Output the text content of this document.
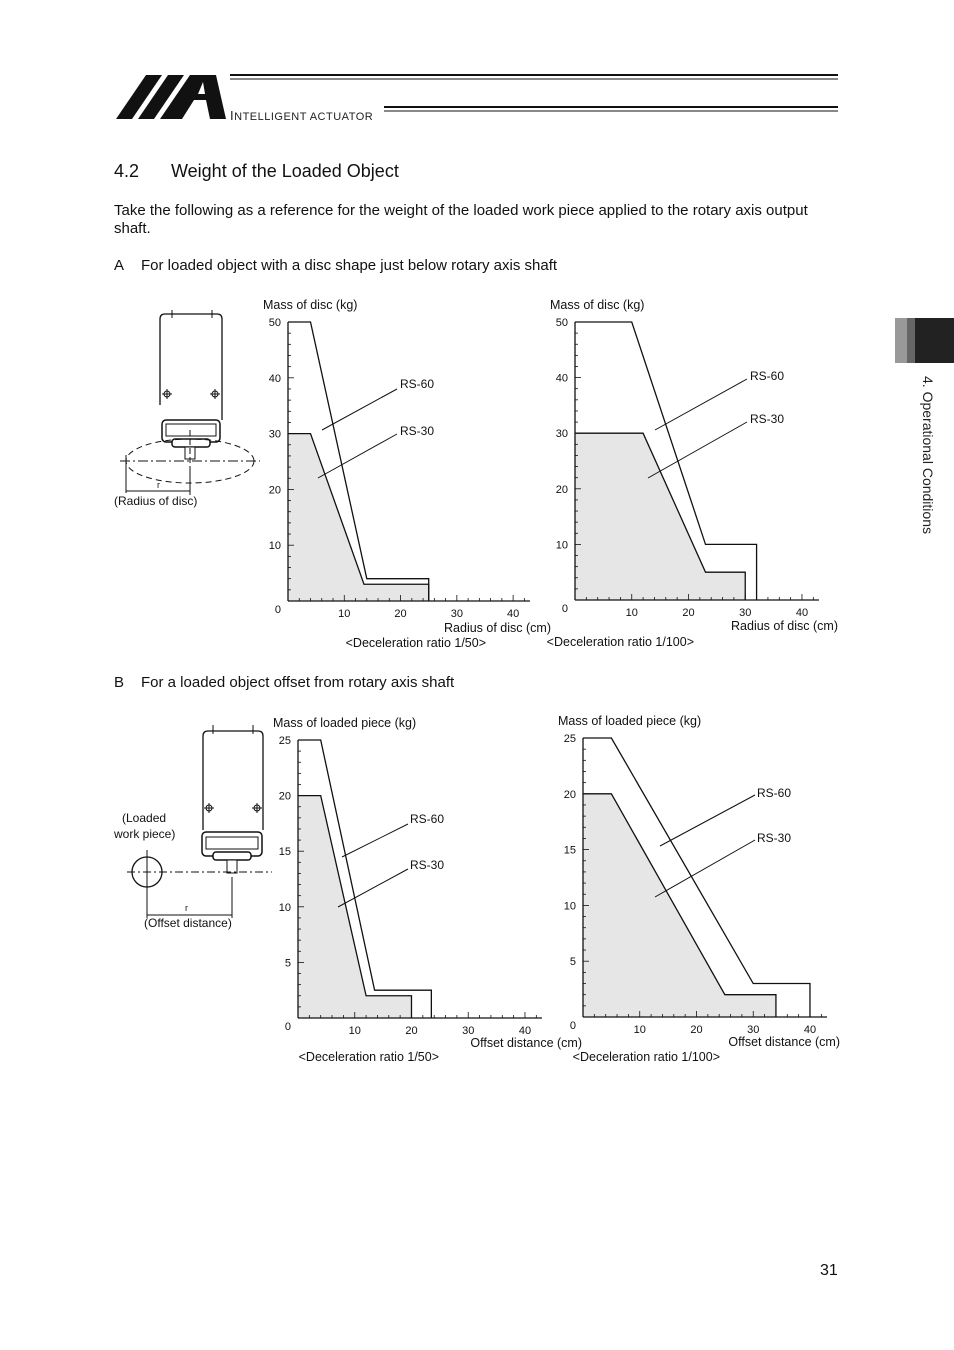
INTELLIGENT ACTUATOR
4.2 Weight of the Loaded Object
Take the following as a reference for the weight of the loaded work piece applied to the rotary axis output shaft.
A For loaded object with a disc shape just below rotary axis shaft
B For a loaded object offset from rotary axis shaft
4. Operational Conditions
31
r
(Radius of disc)
r
(Loaded
work piece)
(Offset distance)
10	20	30	40
0
10
20
30
40
50
RS-60
RS-30
Mass of disc (kg)
Radius of disc (cm)
<Deceleration ratio 1/50>
10	20	30	40
0
10
20
30
40
50
RS-60
RS-30
Mass of disc (kg)
Radius of disc (cm)
<Deceleration ratio 1/100>
10	20	30	40
0
5
10
15
20
25
RS-60
RS-30
Mass of loaded piece (kg)
Offset distance (cm)
<Deceleration ratio 1/50>
10	20	30	40
0
5
10
15
20
25
RS-60
RS-30
Mass of loaded piece (kg)
Offset distance (cm)
<Deceleration ratio 1/100>
